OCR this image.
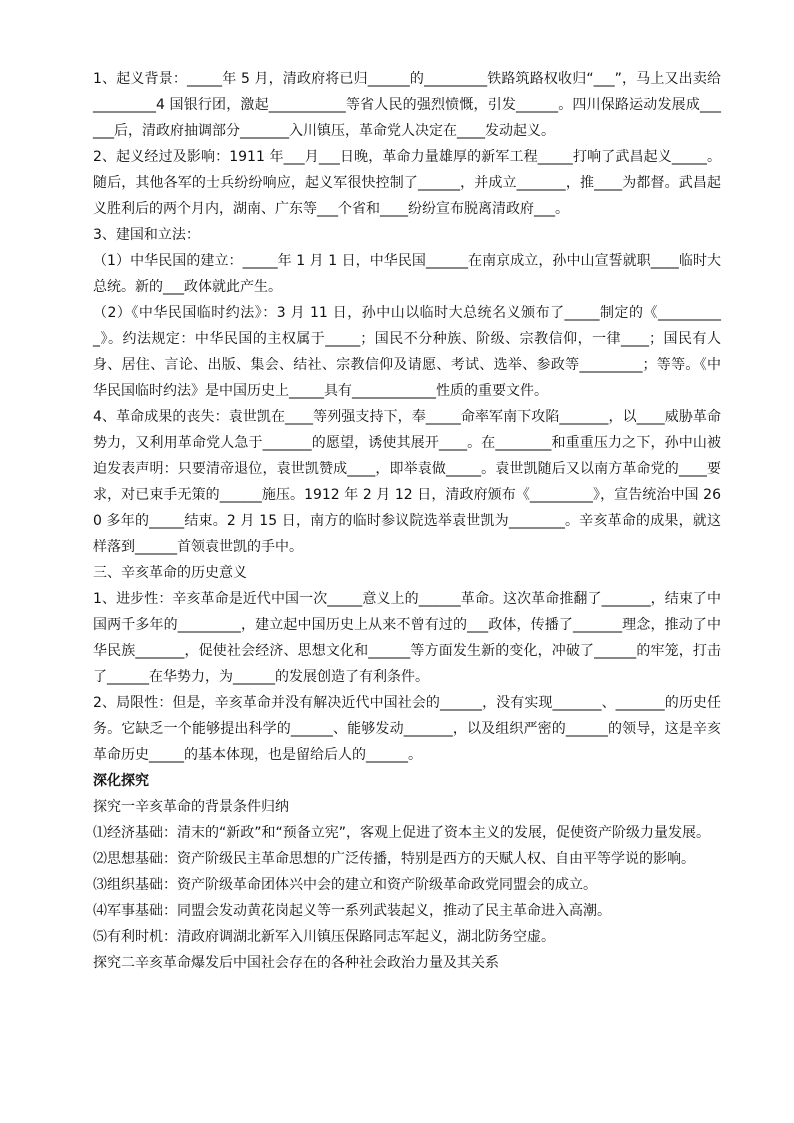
1、起义背景：_____年 5 月，清政府将已归______的_________铁路筑路权收归“___”，马上又出卖给_________4 国银行团，激起___________等省人民的强烈愤慨，引发______。四川保路运动发展成______后，清政府抽调部分_______入川镇压，革命党人决定在____发动起义。

2、起义经过及影响：1911 年___月___日晚，革命力量雄厚的新军工程_____打响了武昌起义_____。随后，其他各军的士兵纷纷响应，起义军很快控制了______，并成立_______，推____为都督。武昌起义胜利后的两个月内，湖南、广东等___个省和____纷纷宣布脱离清政府___。

3、建国和立法：

（1）中华民国的建立：_____年 1 月 1 日，中华民国______在南京成立，孙中山宣誓就职____临时大总统。新的___政体就此产生。

（2）《中华民国临时约法》：3 月 11 日，孙中山以临时大总统名义颁布了_____制定的《__________》。约法规定：中华民国的主权属于_____；国民不分种族、阶级、宗教信仰，一律____；国民有人身、居住、言论、出版、集会、结社、宗教信仰及请愿、考试、选举、参政等_________；等等。《中华民国临时约法》是中国历史上_____具有____________性质的重要文件。

4、革命成果的丧失：袁世凯在____等列强支持下，奉_____命率军南下攻陷_______，以____威胁革命势力，又利用革命党人急于_______的愿望，诱使其展开____。在________和重重压力之下，孙中山被迫发表声明：只要清帝退位，袁世凯赞成____，即举袁做_____。袁世凯随后又以南方革命党的____要求，对已束手无策的______施压。1912 年 2 月 12 日，清政府颁布《_________》，宣告统治中国 260 多年的_____结束。2 月 15 日，南方的临时参议院选举袁世凯为________。辛亥革命的成果，就这样落到______首领袁世凯的手中。

三、辛亥革命的历史意义

1、进步性：辛亥革命是近代中国一次_____意义上的______革命。这次革命推翻了_______，结束了中国两千多年的_________，建立起中国历史上从来不曾有过的___政体，传播了_______理念，推动了中华民族_______，促使社会经济、思想文化和______等方面发生新的变化，冲破了______的牢笼，打击了______在华势力，为______的发展创造了有利条件。

2、局限性：但是，辛亥革命并没有解决近代中国社会的______，没有实现_______、_______的历史任务。它缺乏一个能够提出科学的______、能够发动_______，以及组织严密的______的领导，这是辛亥革命历史_____的基本体现，也是留给后人的______。

深化探究

探究一辛亥革命的背景条件归纳

⑴经济基础：清末的“新政”和“预备立宪”，客观上促进了资本主义的发展，促使资产阶级力量发展。

⑵思想基础：资产阶级民主革命思想的广泛传播，特别是西方的天赋人权、自由平等学说的影响。

⑶组织基础：资产阶级革命团体兴中会的建立和资产阶级革命政党同盟会的成立。

⑷军事基础：同盟会发动黄花岗起义等一系列武装起义，推动了民主革命进入高潮。

⑸有利时机：清政府调湖北新军入川镇压保路同志军起义，湖北防务空虚。

探究二辛亥革命爆发后中国社会存在的各种社会政治力量及其关系
